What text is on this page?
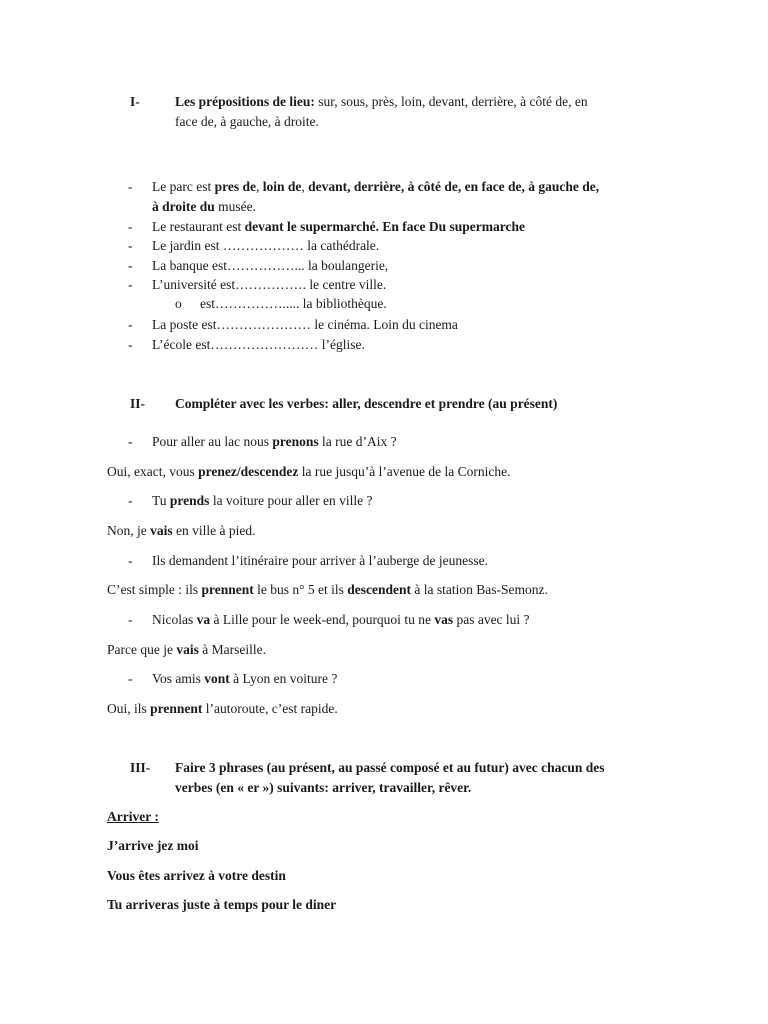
I-	Les prépositions de lieu: sur, sous, près, loin, devant, derrière, à côté de, en
face de, à gauche, à droite.
- Le parc est pres de, loin de, devant, derrière, à côté de, en face de, à gauche de,
à droite du musée.
- Le restaurant est devant le supermarché. En face Du supermarche
- Le jardin est ……………… la cathédrale.
- La banque est……………... la boulangerie,
- L’université est……………. le centre ville.
o est……………..... la bibliothèque.
- La poste est………………… le cinéma. Loin du cinema
- L’école est…………………… l’église.
II- Compléter avec les verbes: aller, descendre et prendre (au présent)
- Pour aller au lac nous prenons la rue d’Aix ?
Oui, exact, vous prenez/descendez la rue jusqu’à l’avenue de la Corniche.
- Tu prends la voiture pour aller en ville ?
Non, je vais en ville à pied.
- Ils demandent l’itinéraire pour arriver à l’auberge de jeunesse.
C’est simple : ils prennent le bus n° 5 et ils descendent à la station Bas-Semonz.
- Nicolas va à Lille pour le week-end, pourquoi tu ne vas pas avec lui ?
Parce que je vais à Marseille.
- Vos amis vont à Lyon en voiture ?
Oui, ils prennent l’autoroute, c’est rapide.
III- Faire 3 phrases (au présent, au passé composé et au futur) avec chacun des
verbes (en « er ») suivants: arriver, travailler, rêver.
Arriver :
J’arrive jez moi
Vous êtes arrivez à votre destin
Tu arriveras juste à temps pour le diner
